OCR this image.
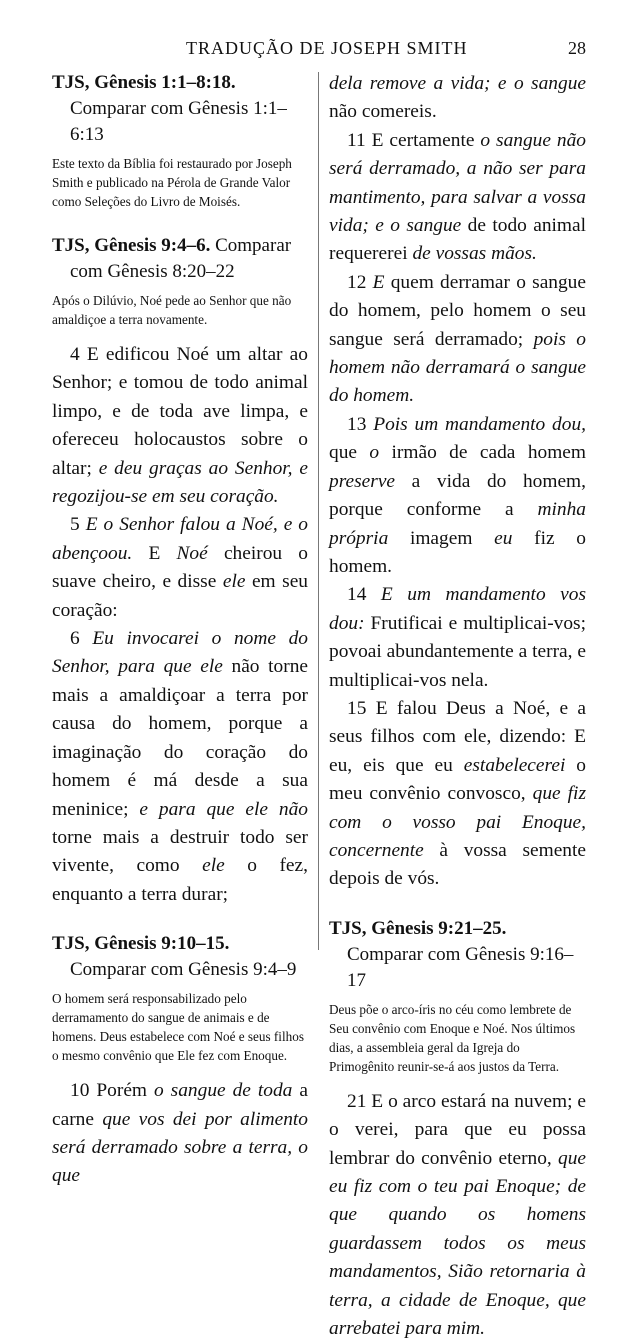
TRADUÇÃO DE JOSEPH SMITH	28

TJS, Gênesis 1:1–8:18.
Comparar com Gênesis 1:1–6:13

Este texto da Bíblia foi restaurado por Joseph Smith e publicado na Pérola de Grande Valor como Seleções do Livro de Moisés.

TJS, Gênesis 9:4–6. Comparar com Gênesis 8:20–22

Após o Dilúvio, Noé pede ao Senhor que não amaldiçoe a terra novamente.

4 E edificou Noé um altar ao Senhor; e tomou de todo animal limpo, e de toda ave limpa, e ofereceu holocaustos sobre o altar; e deu graças ao Senhor, e regozijou-se em seu coração.

5 E o Senhor falou a Noé, e o abençoou. E Noé cheirou o suave cheiro, e disse ele em seu coração:

6 Eu invocarei o nome do Senhor, para que ele não torne mais a amaldiçoar a terra por causa do homem, porque a imaginação do coração do homem é má desde a sua meninice; e para que ele não torne mais a destruir todo ser vivente, como ele o fez, enquanto a terra durar;

TJS, Gênesis 9:10–15.
Comparar com Gênesis 9:4–9

O homem será responsabilizado pelo derramamento do sangue de animais e de homens. Deus estabelece com Noé e seus filhos o mesmo convênio que Ele fez com Enoque.

10 Porém o sangue de toda a carne que vos dei por alimento será derramado sobre a terra, o que

dela remove a vida; e o sangue não comereis.

11 E certamente o sangue não será derramado, a não ser para mantimento, para salvar a vossa vida; e o sangue de todo animal requererei de vossas mãos.

12 E quem derramar o sangue do homem, pelo homem o seu sangue será derramado; pois o homem não derramará o sangue do homem.

13 Pois um mandamento dou, que o irmão de cada homem preserve a vida do homem, porque conforme a minha própria imagem eu fiz o homem.

14 E um mandamento vos dou: Frutificai e multiplicai-vos; povoai abundantemente a terra, e multiplicai-vos nela.

15 E falou Deus a Noé, e a seus filhos com ele, dizendo: E eu, eis que eu estabelecerei o meu convênio convosco, que fiz com o vosso pai Enoque, concernente à vossa semente depois de vós.

TJS, Gênesis 9:21–25.
Comparar com Gênesis 9:16–17

Deus põe o arco-íris no céu como lembrete de Seu convênio com Enoque e Noé. Nos últimos dias, a assembleia geral da Igreja do Primogênito reunir-se-á aos justos da Terra.

21 E o arco estará na nuvem; e o verei, para que eu possa lembrar do convênio eterno, que eu fiz com o teu pai Enoque; de que quando os homens guardassem todos os meus mandamentos, Sião retornaria à terra, a cidade de Enoque, que arrebatei para mim.
